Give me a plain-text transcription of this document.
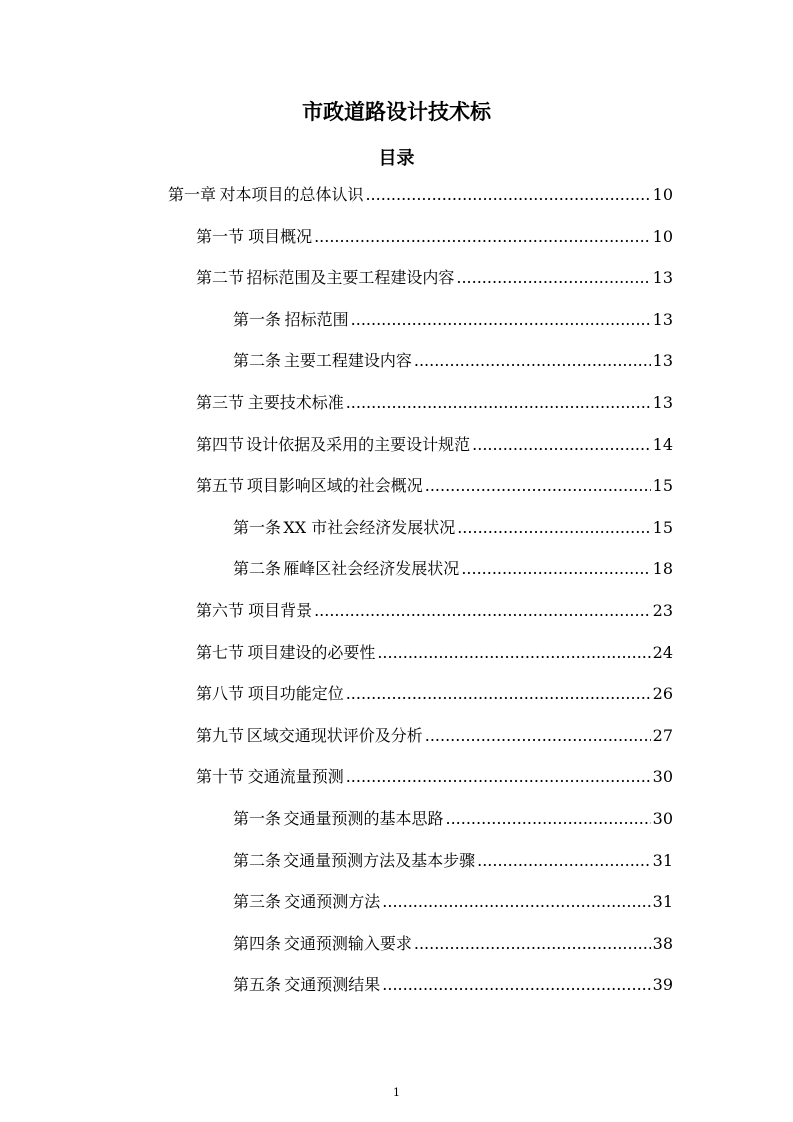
市政道路设计技术标
目录
第一章 对本项目的总体认识 .....	10
第一节 项目概况 .....	10
第二节 招标范围及主要工程建设内容 .....	13
第一条 招标范围 .....	13
第二条 主要工程建设内容 .....	13
第三节 主要技术标准 .....	13
第四节 设计依据及采用的主要设计规范 .....	14
第五节 项目影响区域的社会概况 .....	15
第一条 XX 市社会经济发展状况 .....	15
第二条 雁峰区社会经济发展状况 .....	18
第六节 项目背景 .....	23
第七节 项目建设的必要性 .....	24
第八节 项目功能定位 .....	26
第九节 区域交通现状评价及分析 .....	27
第十节 交通流量预测 .....	30
第一条 交通量预测的基本思路 .....	30
第二条 交通量预测方法及基本步骤 .....	31
第三条 交通预测方法 .....	31
第四条 交通预测输入要求 .....	38
第五条 交通预测结果 .....	39
1
